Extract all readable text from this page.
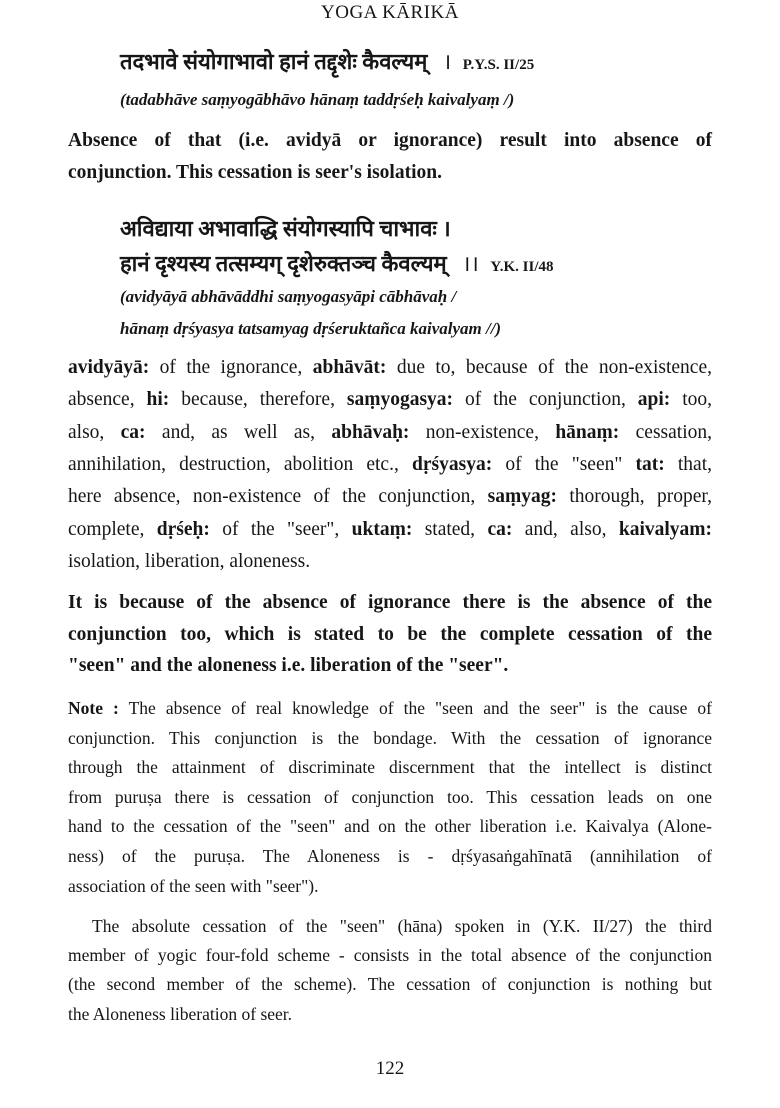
YOGA KĀRIKĀ
तदभावे संयोगाभावो हानं तद्दृशेः कैवल्यम् । P.Y.S. II/25
(tadabhāve saṃyogābhāvo hānaṃ taddṛśeḥ kaivalyaṃ /)
Absence of that (i.e. avidyā or ignorance) result into absence of
conjunction. This cessation is seer's isolation.
अविद्याया अभावाद्धि संयोगस्यापि चाभावः ।
हानं दृश्यस्य तत्सम्यग् दृशेरुक्तञ्च कैवल्यम् ।। Y.K. II/48
(avidyāyā abhāvāddhi saṃyogasyāpi cābhāvaḥ /
hānaṃ dṛśyasya tatsamyag dṛśeruktañca kaivalyam //)
avidyāyā: of the ignorance, abhāvāt: due to, because of the non-existence,
absence, hi: because, therefore, saṃyogasya: of the conjunction, api: too,
also, ca: and, as well as, abhāvaḥ: non-existence, hānaṃ: cessation,
annihilation, destruction, abolition etc., dṛśyasya: of the "seen" tat: that,
here absence, non-existence of the conjunction, saṃyag: thorough, proper,
complete, dṛśeḥ: of the "seer", uktaṃ: stated, ca: and, also, kaivalyam:
isolation, liberation, aloneness.
It is because of the absence of ignorance there is the absence of the
conjunction too, which is stated to be the complete cessation of the
"seen" and the aloneness i.e. liberation of the "seer".
Note : The absence of real knowledge of the "seen and the seer" is the cause of
conjunction. This conjunction is the bondage. With the cessation of ignorance
through the attainment of discriminate discernment that the intellect is distinct
from puruṣa there is cessation of conjunction too. This cessation leads on one
hand to the cessation of the "seen" and on the other liberation i.e. Kaivalya (Alone-
ness) of the puruṣa. The Aloneness is - dṛśyasaṅgahīnatā (annihilation of
association of the seen with "seer").
The absolute cessation of the "seen" (hāna) spoken in (Y.K. II/27) the third
member of yogic four-fold scheme - consists in the total absence of the conjunction
(the second member of the scheme). The cessation of conjunction is nothing but
the Aloneness liberation of seer.
122
